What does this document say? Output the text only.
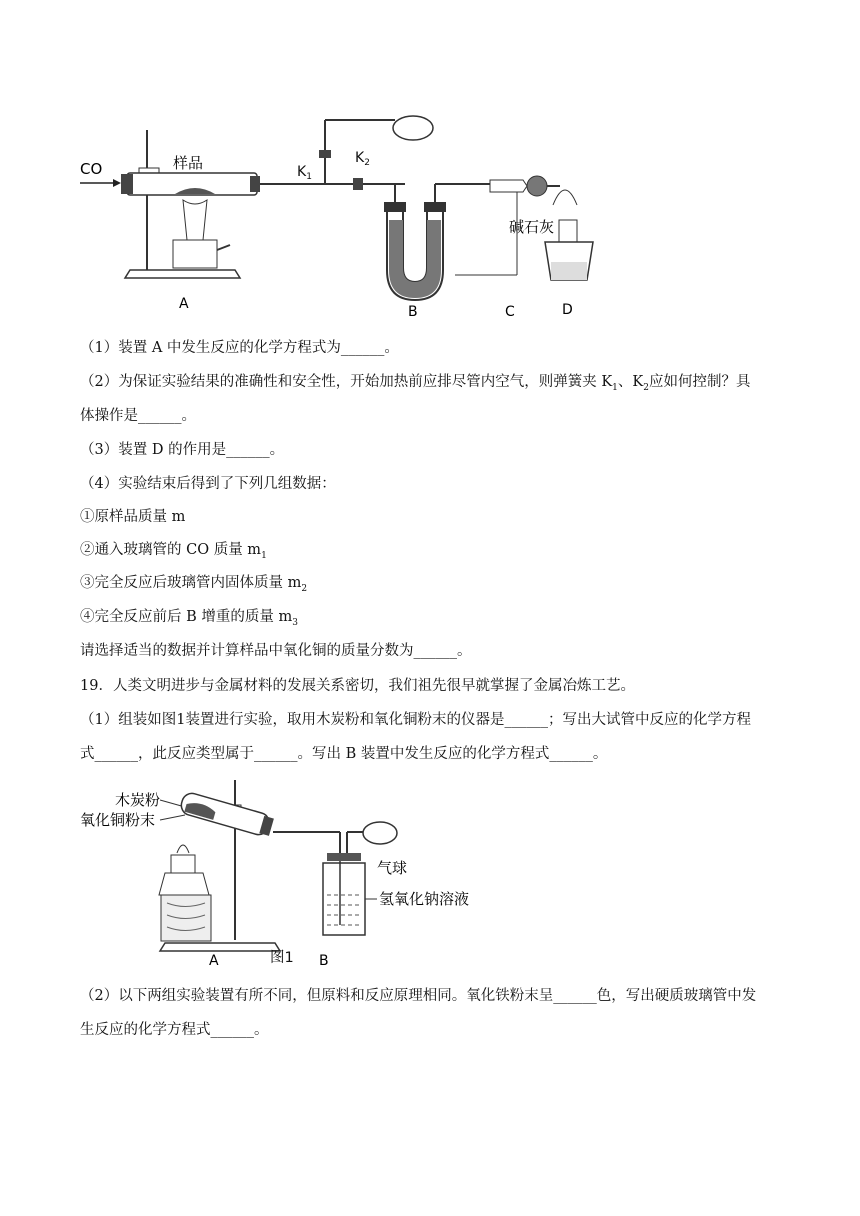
CO	样品	$K_1$
$K_2$
碱石灰
A	B	C	D
（1）装置 A 中发生反应的化学方程式为______。
（2）为保证实验结果的准确性和安全性，开始加热前应排尽管内空气，则弹簧夹 $K_1$、$K_2$应如何控制？具
体操作是______。
（3）装置 D 的作用是______。
（4）实验结束后得到了下列几组数据：
①原样品质量 m
②通入玻璃管的 CO 质量 $m_1$
③完全反应后玻璃管内固体质量 $m_2$
④完全反应前后 B 增重的质量 $m_3$
请选择适当的数据并计算样品中氧化铜的质量分数为______。
19．人类文明进步与金属材料的发展关系密切，我们祖先很早就掌握了金属冶炼工艺。
（1）组装如图1装置进行实验，取用木炭粉和氧化铜粉末的仪器是______；写出大试管中反应的化学方程
式______，此反应类型属于______。写出 B 装置中发生反应的化学方程式______。
木炭粉
氧化铜粉末
气球
氢氧化钠溶液
A	B
图1
（2）以下两组实验装置有所不同，但原料和反应原理相同。氧化铁粉末呈______色，写出硬质玻璃管中发
生反应的化学方程式______。
